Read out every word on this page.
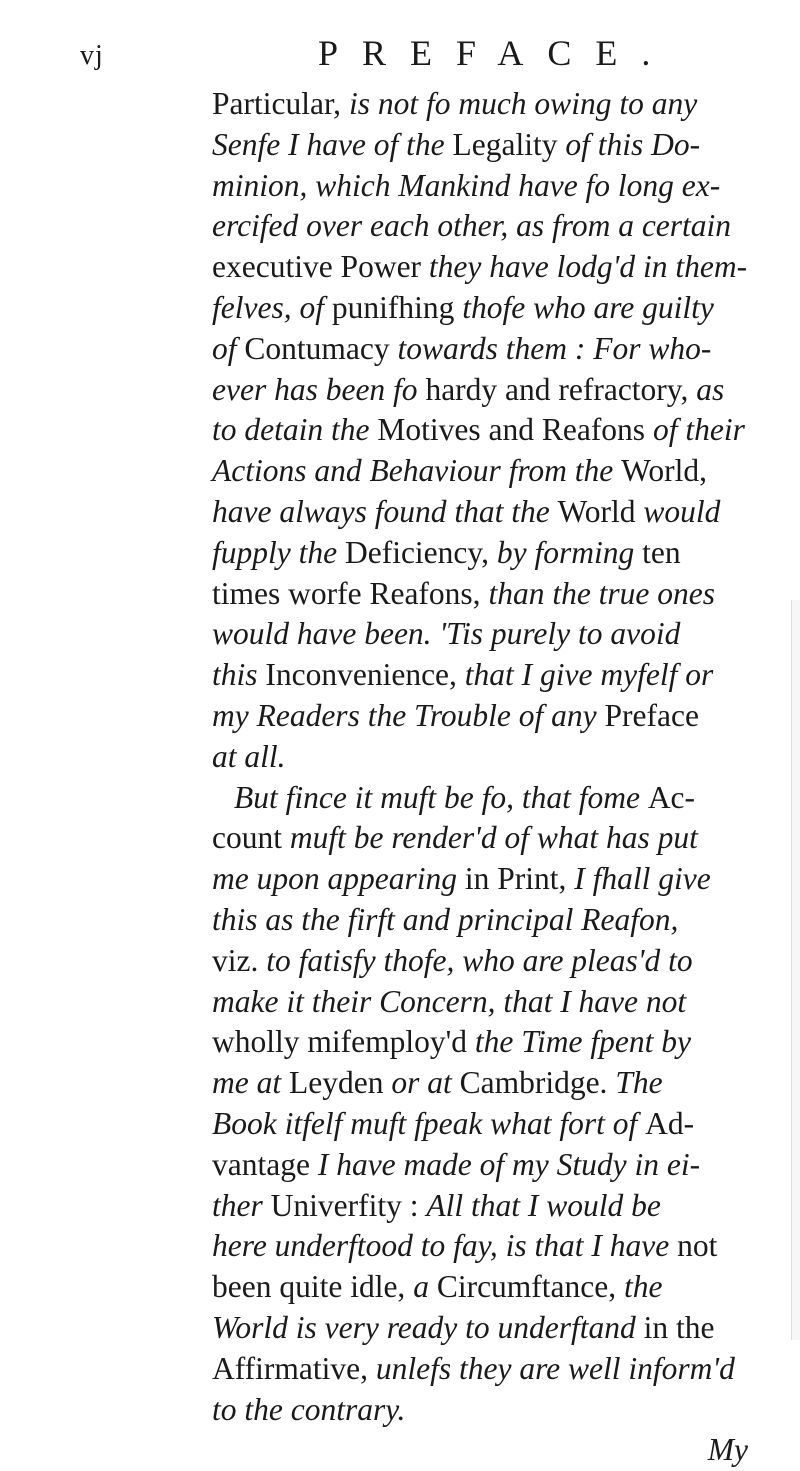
vj	PREFACE.
Particular, is not fo much owing to any
Senfe I have of the Legality of this Do-
minion, which Mankind have fo long ex-
ercifed over each other, as from a certain
executive Power they have lodg'd in them-
felves, of punifhing thofe who are guilty
of Contumacy towards them : For who-
ever has been fo hardy and refractory, as
to detain the Motives and Reafons of their
Actions and Behaviour from the World,
have always found that the World would
fupply the Deficiency, by forming ten
times worfe Reafons, than the true ones
would have been. 'Tis purely to avoid
this Inconvenience, that I give myfelf or
my Readers the Trouble of any Preface
at all.
But fince it muft be fo, that fome Ac-
count muft be render'd of what has put
me upon appearing in Print, I fhall give
this as the firft and principal Reafon,
viz. to fatisfy thofe, who are pleas'd to
make it their Concern, that I have not
wholly mifemploy'd the Time fpent by
me at Leyden or at Cambridge. The
Book itfelf muft fpeak what fort of Ad-
vantage I have made of my Study in ei-
ther Univerfity : All that I would be
here underftood to fay, is that I have not
been quite idle, a Circumftance, the
World is very ready to underftand in the
Affirmative, unlefs they are well inform'd
to the contrary.
My
